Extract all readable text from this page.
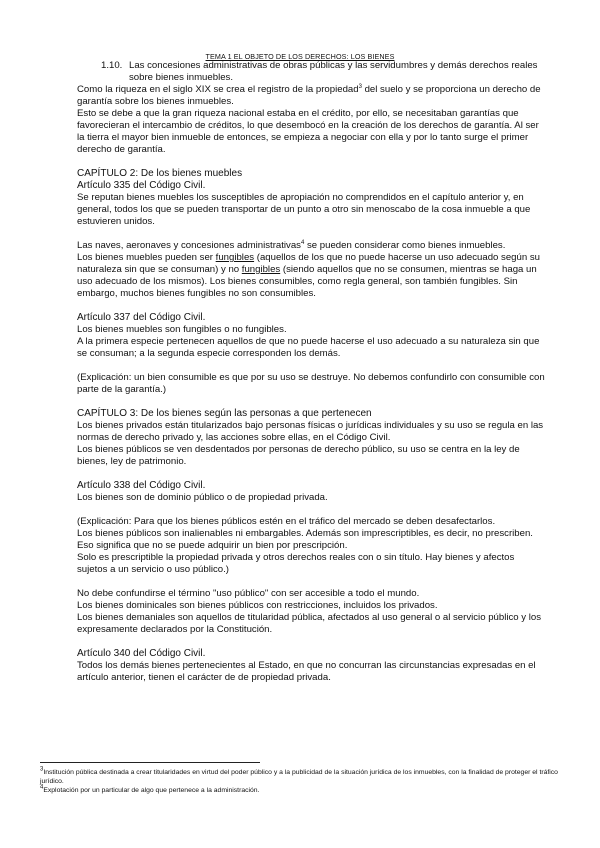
TEMA 1 EL OBJETO DE LOS DERECHOS: LOS BIENES
1.10. Las concesiones administrativas de obras públicas y las servidumbres y demás derechos reales sobre bienes inmuebles.

Como la riqueza en el siglo XIX se crea el registro de la propiedad$^3$ del suelo y se proporciona un derecho de garantía sobre los bienes inmuebles.

Esto se debe a que la gran riqueza nacional estaba en el crédito, por ello, se necesitaban garantías que favorecieran el intercambio de créditos, lo que desembocó en la creación de los derechos de garantía. Al ser la tierra el mayor bien inmueble de entonces, se empieza a negociar con ella y por lo tanto surge el primer derecho de garantía.

CAPÍTULO 2: De los bienes muebles

Artículo 335 del Código Civil.

Se reputan bienes muebles los susceptibles de apropiación no comprendidos en el capítulo anterior y, en general, todos los que se pueden transportar de un punto a otro sin menoscabo de la cosa inmueble a que estuvieren unidos.

Las naves, aeronaves y concesiones administrativas$^4$ se pueden considerar como bienes inmuebles.

Los bienes muebles pueden ser fungibles (aquellos de los que no puede hacerse un uso adecuado según su naturaleza sin que se consuman) y no fungibles (siendo aquellos que no se consumen, mientras se haga un uso adecuado de los mismos). Los bienes consumibles, como regla general, son también fungibles. Sin embargo, muchos bienes fungibles no son consumibles.

Artículo 337 del Código Civil.

Los bienes muebles son fungibles o no fungibles.

A la primera especie pertenecen aquellos de que no puede hacerse el uso adecuado a su naturaleza sin que se consuman; a la segunda especie corresponden los demás.

(Explicación: un bien consumible es que por su uso se destruye. No debemos confundirlo con consumible con parte de la garantía.)

CAPÍTULO 3: De los bienes según las personas a que pertenecen

Los bienes privados están titularizados bajo personas físicas o jurídicas individuales y su uso se regula en las normas de derecho privado y, las acciones sobre ellas, en el Código Civil.

Los bienes públicos se ven desdentados por personas de derecho público, su uso se centra en la ley de bienes, ley de patrimonio.

Artículo 338 del Código Civil.

Los bienes son de dominio público o de propiedad privada.

(Explicación: Para que los bienes públicos estén en el tráfico del mercado se deben desafectarlos.

Los bienes públicos son inalienables ni embargables. Además son imprescriptibles, es decir, no prescriben. Eso significa que no se puede adquirir un bien por prescripción.

Solo es prescriptible la propiedad privada y otros derechos reales con o sin título. Hay bienes y afectos sujetos a un servicio o uso público.)

No debe confundirse el término "uso público" con ser accesible a todo el mundo.

Los bienes dominicales son bienes públicos con restricciones, incluidos los privados.

Los bienes demaniales son aquellos de titularidad pública, afectados al uso general o al servicio público y los expresamente declarados por la Constitución.

Artículo 340 del Código Civil.

Todos los demás bienes pertenecientes al Estado, en que no concurran las circunstancias expresadas en el artículo anterior, tienen el carácter de de propiedad privada.

3Institución pública destinada a crear titularidades en virtud del poder público y a la publicidad de la situación jurídica de los inmuebles, con la finalidad de proteger el tráfico jurídico.
4Explotación por un particular de algo que pertenece a la administración.
